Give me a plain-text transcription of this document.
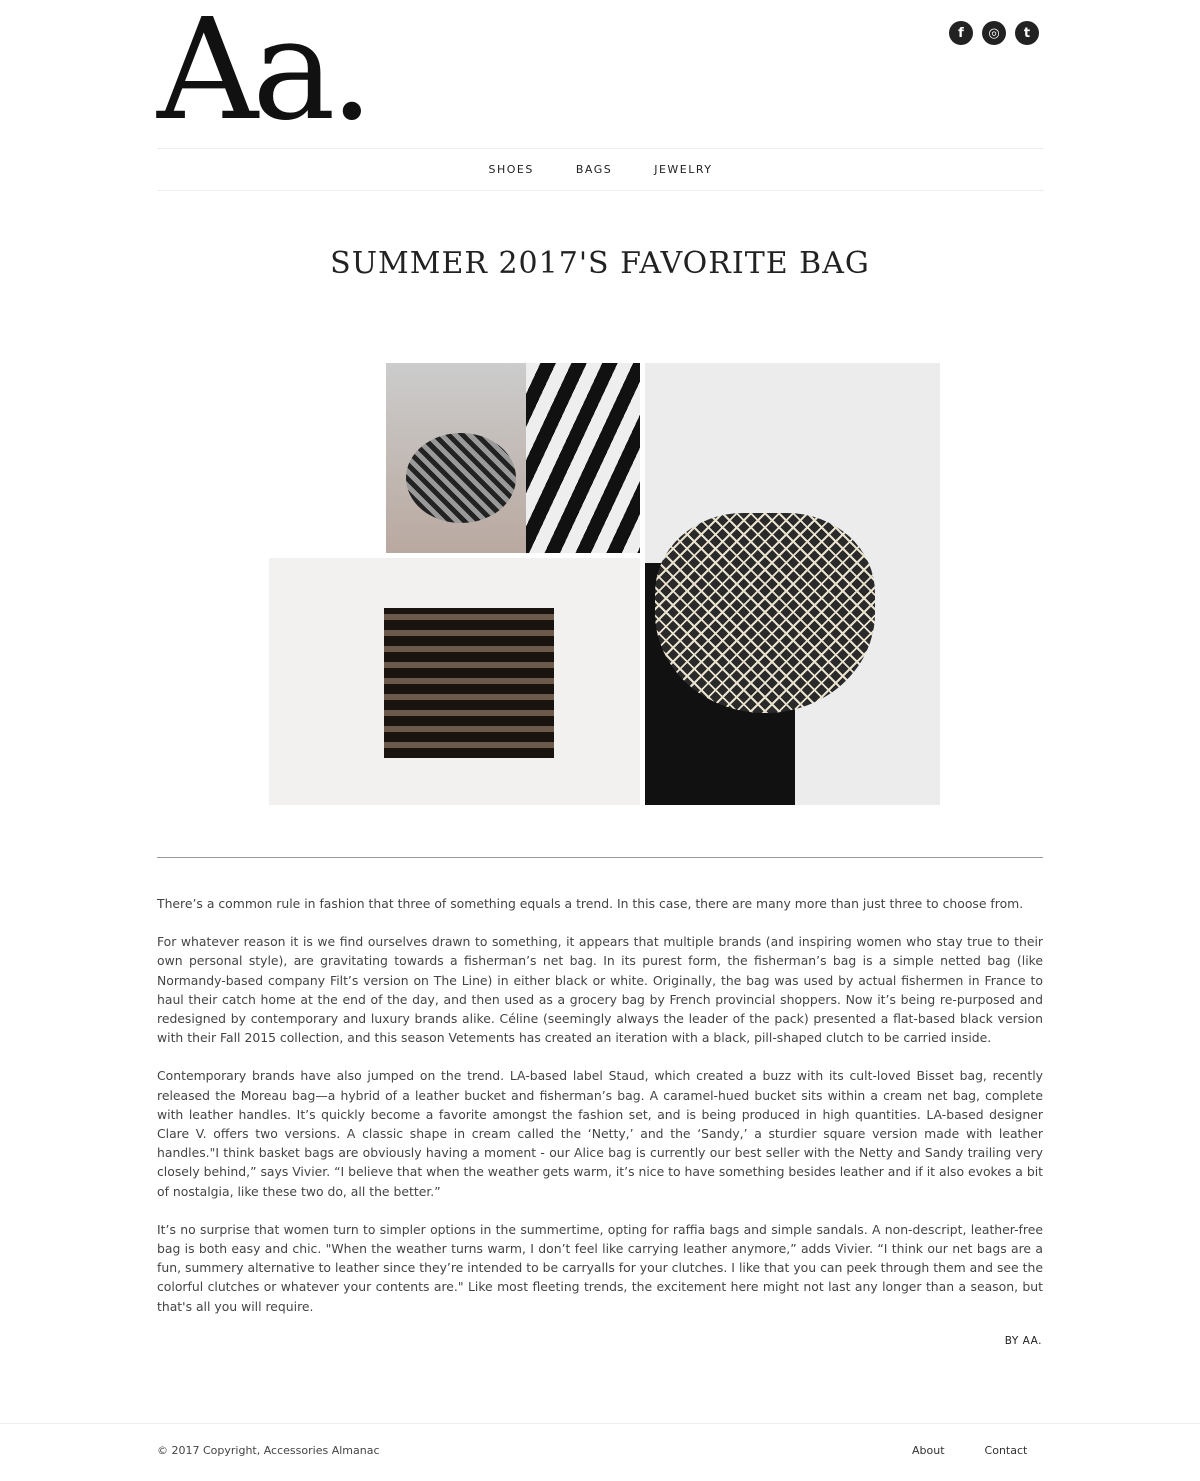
Aa.	f	◎	t
SHOES	BAGS	JEWELRY
SUMMER 2017'S FAVORITE BAG

There’s a common rule in fashion that three of something equals a trend. In this case, there are many more than just three to choose from.

For whatever reason it is we find ourselves drawn to something, it appears that multiple brands (and inspiring women who stay true to their own personal style), are gravitating towards a fisherman’s net bag. In its purest form, the fisherman’s bag is a simple netted bag (like Normandy-based company Filt’s version on The Line) in either black or white. Originally, the bag was used by actual fishermen in France to haul their catch home at the end of the day, and then used as a grocery bag by French provincial shoppers. Now it’s being re-purposed and redesigned by contemporary and luxury brands alike. Céline (seemingly always the leader of the pack) presented a flat-based black version with their Fall 2015 collection, and this season Vetements has created an iteration with a black, pill-shaped clutch to be carried inside.

Contemporary brands have also jumped on the trend. LA-based label Staud, which created a buzz with its cult-loved Bisset bag, recently released the Moreau bag—a hybrid of a leather bucket and fisherman’s bag. A caramel-hued bucket sits within a cream net bag, complete with leather handles. It’s quickly become a favorite amongst the fashion set, and is being produced in high quantities. LA-based designer Clare V. offers two versions. A classic shape in cream called the ‘Netty,’ and the ‘Sandy,’ a sturdier square version made with leather handles."I think basket bags are obviously having a moment - our Alice bag is currently our best seller with the Netty and Sandy trailing very closely behind,” says Vivier. “I believe that when the weather gets warm, it’s nice to have something besides leather and if it also evokes a bit of nostalgia, like these two do, all the better.”

It’s no surprise that women turn to simpler options in the summertime, opting for raffia bags and simple sandals. A non-descript, leather-free bag is both easy and chic. "When the weather turns warm, I don’t feel like carrying leather anymore,” adds Vivier. “I think our net bags are a fun, summery alternative to leather since they’re intended to be carryalls for your clutches. I like that you can peek through them and see the colorful clutches or whatever your contents are." Like most fleeting trends, the excitement here might not last any longer than a season, but that's all you will require.

BY AA.
© 2017 Copyright, Accessories Almanac	About	Contact
